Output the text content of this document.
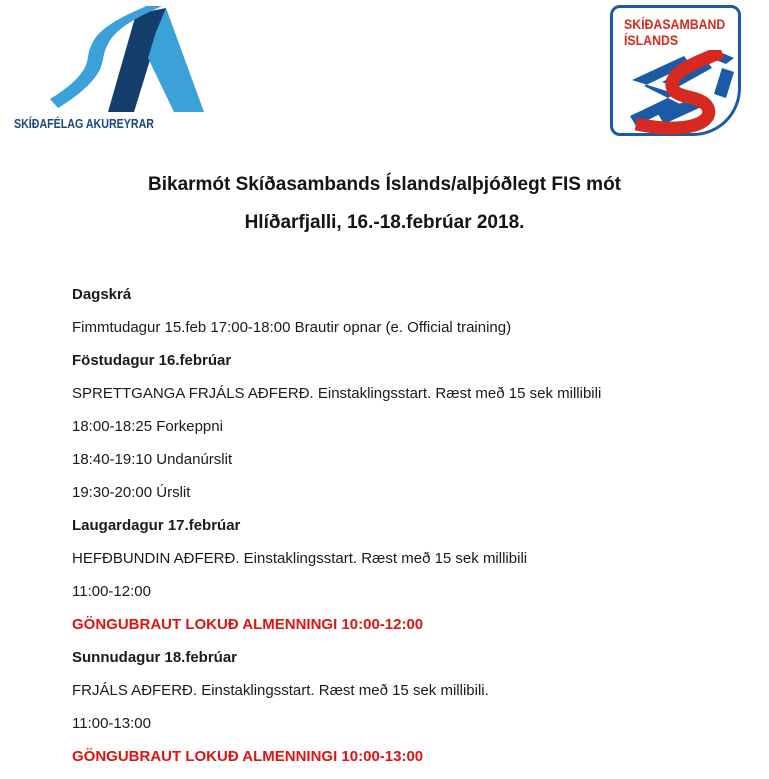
SKÍÐAFÉLAG AKUREYRAR
SKÍÐASAMBAND
ÍSLANDS
Bikarmót Skíðasambands Íslands/alþjóðlegt FIS mót
Hlíðarfjalli, 16.-18.febrúar 2018.
Dagskrá
Fimmtudagur 15.feb 17:00-18:00 Brautir opnar (e. Official training)
Föstudagur 16.febrúar
SPRETTGANGA FRJÁLS AÐFERÐ. Einstaklingsstart. Ræst með 15 sek millibili
18:00-18:25 Forkeppni
18:40-19:10 Undanúrslit
19:30-20:00 Úrslit
Laugardagur 17.febrúar
HEFÐBUNDIN AÐFERÐ. Einstaklingsstart. Ræst með 15 sek millibili
11:00-12:00
GÖNGUBRAUT LOKUÐ ALMENNINGI 10:00-12:00
Sunnudagur 18.febrúar
FRJÁLS AÐFERÐ. Einstaklingsstart. Ræst með 15 sek millibili.
11:00-13:00
GÖNGUBRAUT LOKUÐ ALMENNINGI 10:00-13:00
